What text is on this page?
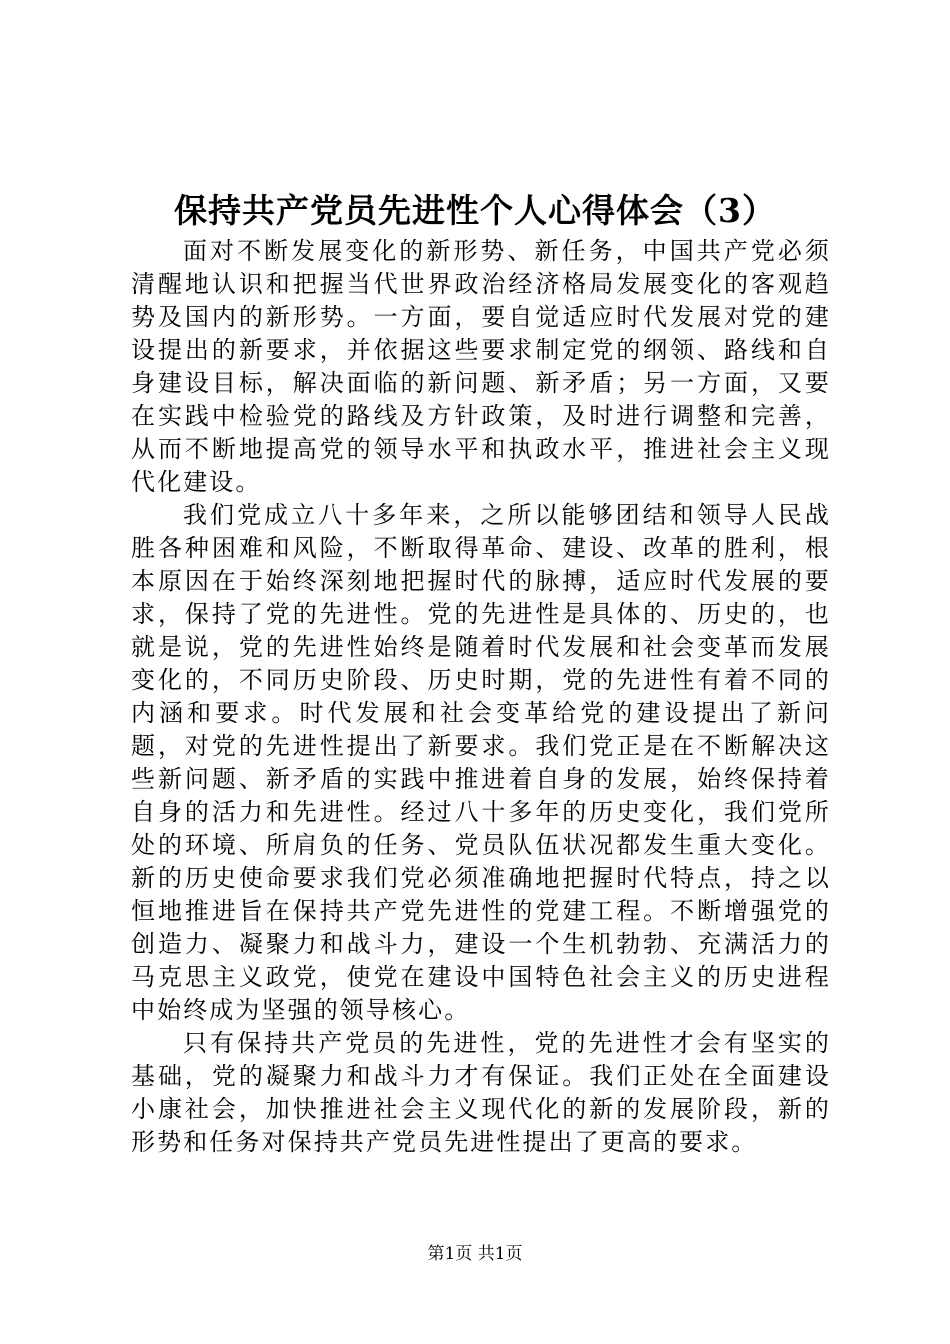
保持共产党员先进性个人心得体会（3）

面对不断发展变化的新形势、新任务，中国共产党必须清醒地认识和把握当代世界政治经济格局发展变化的客观趋势及国内的新形势。一方面，要自觉适应时代发展对党的建设提出的新要求，并依据这些要求制定党的纲领、路线和自身建设目标，解决面临的新问题、新矛盾；另一方面，又要在实践中检验党的路线及方针政策，及时进行调整和完善，从而不断地提高党的领导水平和执政水平，推进社会主义现代化建设。

我们党成立八十多年来，之所以能够团结和领导人民战胜各种困难和风险，不断取得革命、建设、改革的胜利，根本原因在于始终深刻地把握时代的脉搏，适应时代发展的要求，保持了党的先进性。党的先进性是具体的、历史的，也就是说，党的先进性始终是随着时代发展和社会变革而发展变化的，不同历史阶段、历史时期，党的先进性有着不同的内涵和要求。时代发展和社会变革给党的建设提出了新问题，对党的先进性提出了新要求。我们党正是在不断解决这些新问题、新矛盾的实践中推进着自身的发展，始终保持着自身的活力和先进性。经过八十多年的历史变化，我们党所处的环境、所肩负的任务、党员队伍状况都发生重大变化。新的历史使命要求我们党必须准确地把握时代特点，持之以恒地推进旨在保持共产党先进性的党建工程。不断增强党的创造力、凝聚力和战斗力，建设一个生机勃勃、充满活力的马克思主义政党，使党在建设中国特色社会主义的历史进程中始终成为坚强的领导核心。

只有保持共产党员的先进性，党的先进性才会有坚实的基础，党的凝聚力和战斗力才有保证。我们正处在全面建设小康社会，加快推进社会主义现代化的新的发展阶段，新的形势和任务对保持共产党员先进性提出了更高的要求。

第1页 共1页
